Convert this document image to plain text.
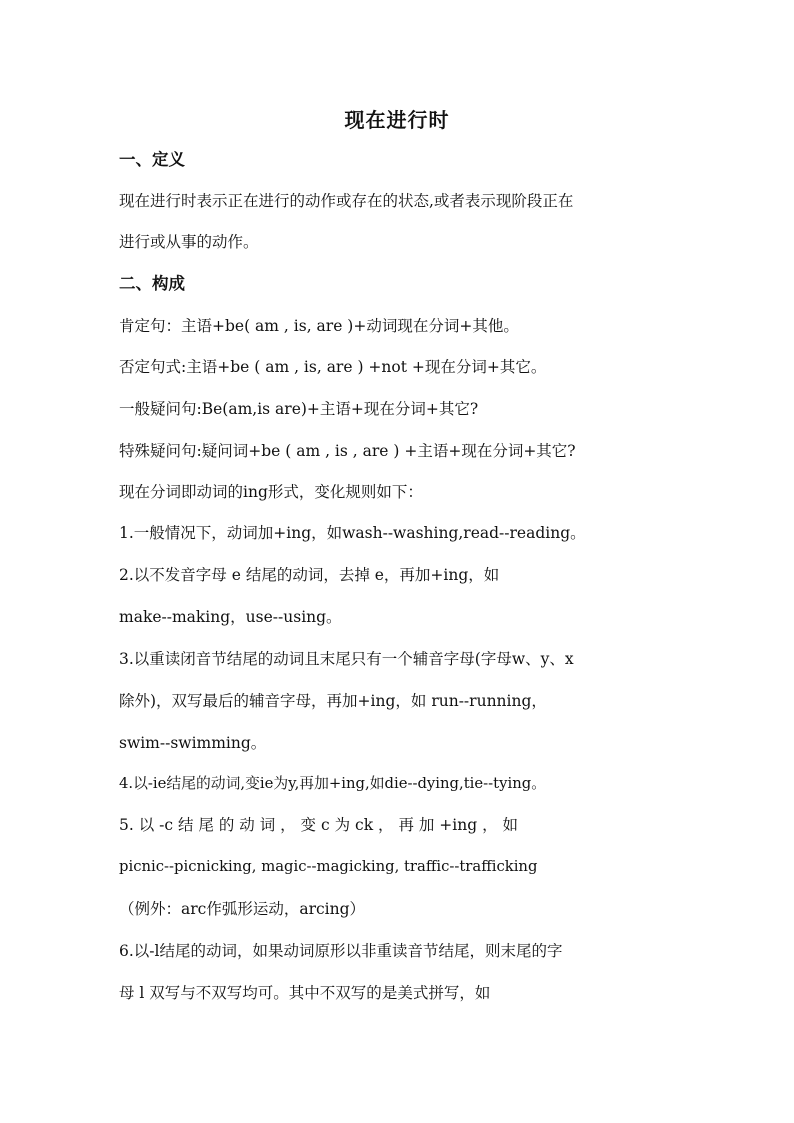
现在进行时
一、定义
现在进行时表示正在进行的动作或存在的状态,或者表示现阶段正在
进行或从事的动作。
二、构成
肯定句：主语+be( am , is, are )+动词现在分词+其他。
否定句式:主语+be ( am , is, are ) +not +现在分词+其它。
一般疑问句:Be(am,is are)+主语+现在分词+其它?
特殊疑问句:疑问词+be ( am , is , are ) +主语+现在分词+其它?
现在分词即动词的ing形式，变化规则如下：
1.一般情况下，动词加+ing，如wash--washing,read--reading。
2.以不发音字母 e 结尾的动词，去掉 e，再加+ing，如
make--making，use--using。
3.以重读闭音节结尾的动词且末尾只有一个辅音字母(字母w、y、x
除外)，双写最后的辅音字母，再加+ing，如 run--running，
swim--swimming。
4.以-ie结尾的动词,变ie为y,再加+ing,如die--dying,tie--tying。
5. 以 -c 结 尾 的 动 词 ， 变 c 为 ck ， 再 加 +ing ， 如
picnic--picnicking, magic--magicking, traffic--trafficking
（例外：arc作弧形运动，arcing）
6.以-l结尾的动词，如果动词原形以非重读音节结尾，则末尾的字
母 l 双写与不双写均可。其中不双写的是美式拼写，如
